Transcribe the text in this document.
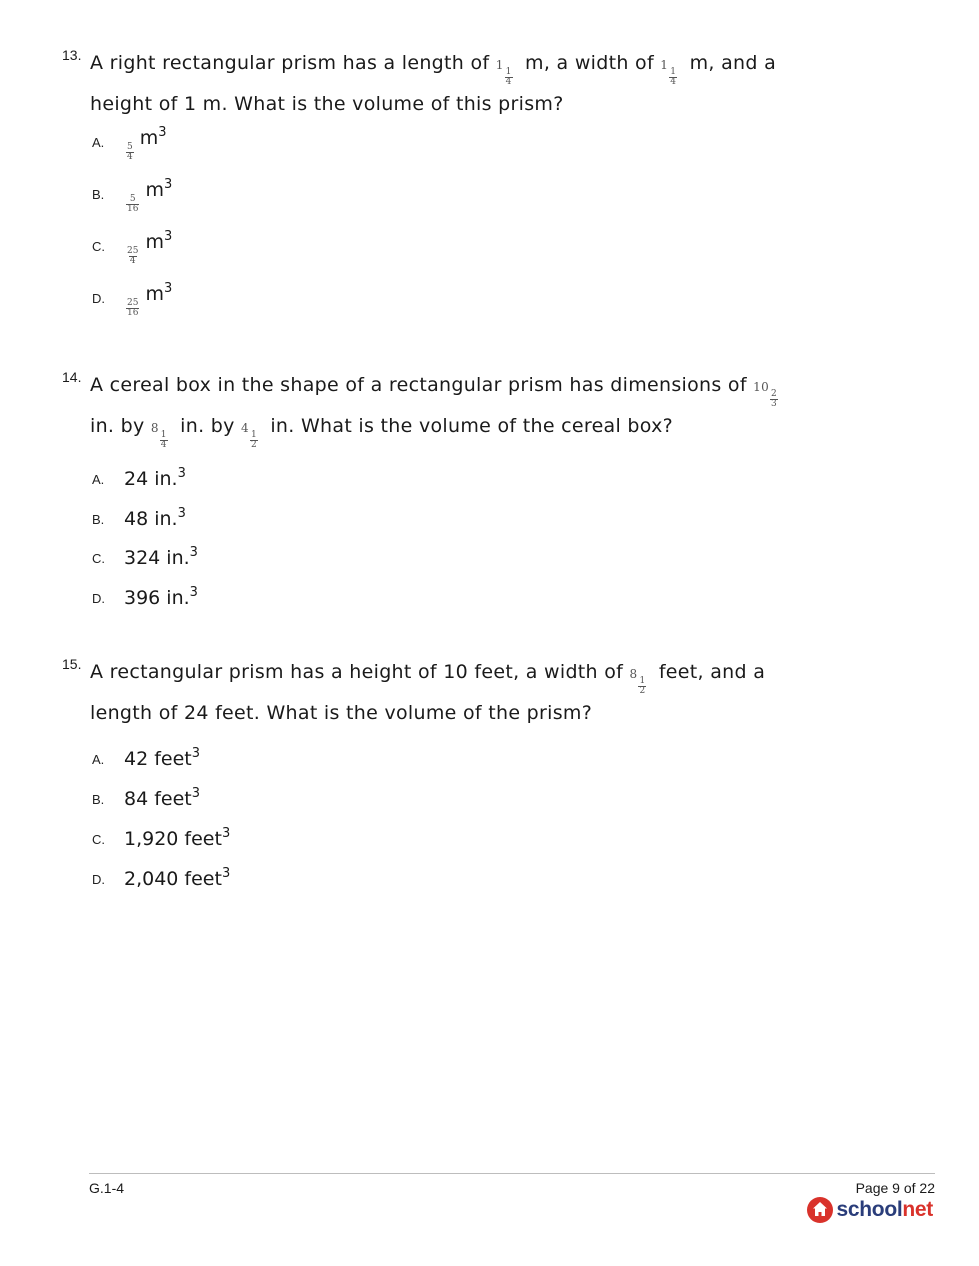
13. A right rectangular prism has a length of 1
$\frac{1}{4}$
m, a width of 1
$\frac{1}{4}$
m, and a
height of 1 m. What is the volume of this prism?
A.
$\frac{5}{4}$
$m^3$
B.
$\frac{5}{16}$
$m^3$
C.
$\frac{25}{4}$
$m^3$
D.
$\frac{25}{16}$
$m^3$
14. A cereal box in the shape of a rectangular prism has dimensions of 10
$\frac{2}{3}$

in. by 8
$\frac{1}{4}$
in. by 4
$\frac{1}{2}$
in. What is the volume of the cereal box?
A. 24 in.$^3$
B. 48 in.$^3$
C. 324 in.$^3$
D. 396 in.$^3$
15. A rectangular prism has a height of 10 feet, a width of 8
$\frac{1}{2}$
feet, and a
length of 24 feet. What is the volume of the prism?
A. 42 feet$^3$
B. 84 feet$^3$
C. 1,920 feet$^3$
D. 2,040 feet$^3$
G.1-4	Page 9 of 22
schoolnet
